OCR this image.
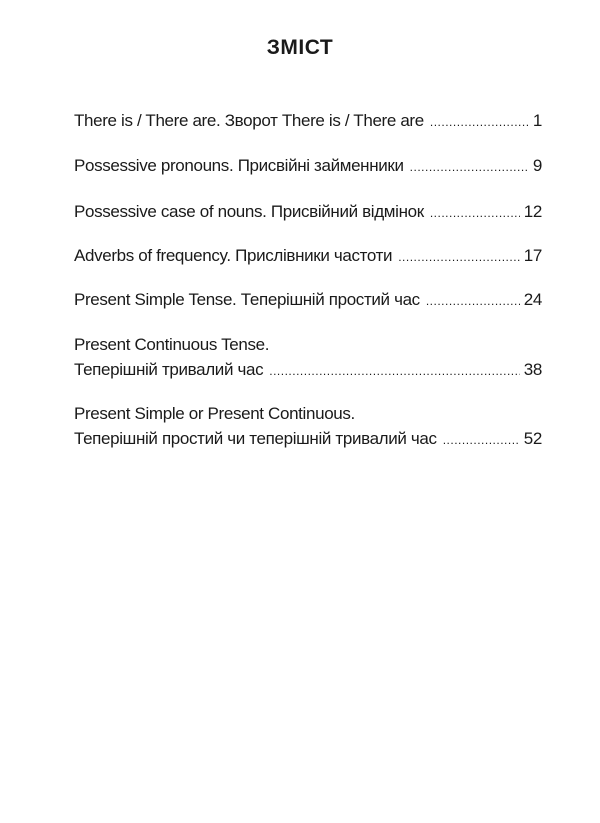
ЗМІСТ
There is / There are. Зворот There is / There are .....	1
Possessive pronouns. Присвійні займенники .....	9
Possessive case of nouns. Присвійний відмінок .....	12
Adverbs of frequency. Прислівники частоти .....	17
Present Simple Tense. Теперішній простий час .....	24
Present Continuous Tense.
Теперішній тривалий час .....	38
Present Simple or Present Continuous.
Теперішній простий чи теперішній тривалий час .....	52
